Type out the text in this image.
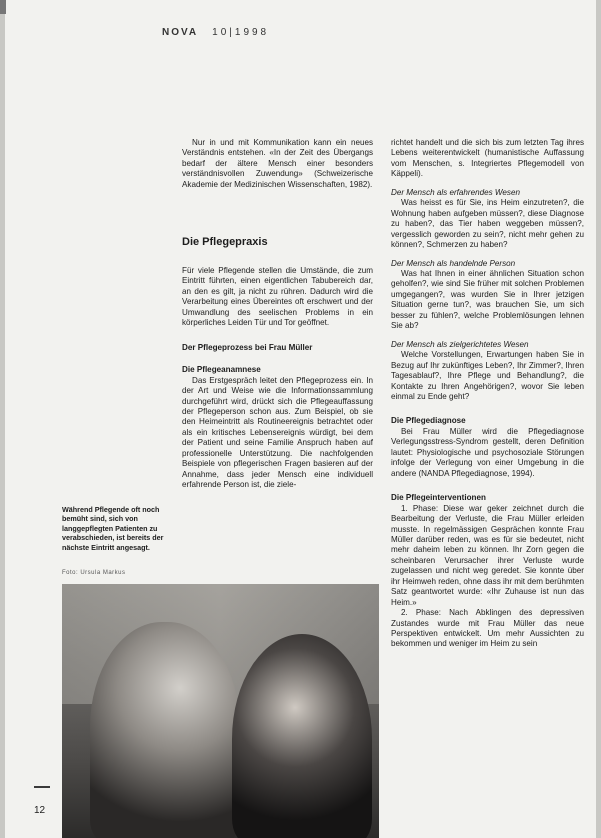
NOVA 10|1998

Nur in und mit Kommunikation kann ein neues Verständnis entstehen. «In der Zeit des Übergangs bedarf der ältere Mensch einer besonders verständnisvollen Zuwendung» (Schweizerische Akademie der Medizinischen Wissenschaften, 1982).

Die Pflegepraxis

Für viele Pflegende stellen die Umstände, die zum Eintritt führten, einen eigentlichen Tabubereich dar, an den es gilt, ja nicht zu rühren. Dadurch wird die Verarbeitung eines Übereintes oft erschwert und der Umwandlung des seelischen Problems in ein körperliches Leiden Tür und Tor geöffnet.

Der Pflegeprozess bei Frau Müller

Die Pflegeanamnese

Das Erstgespräch leitet den Pflegeprozess ein. In der Art und Weise wie die Informationssammlung durchgeführt wird, drückt sich die Pflegeauffassung der Pflegeperson schon aus. Zum Beispiel, ob sie den Heimeintritt als Routineereignis betrachtet oder als ein kritisches Lebensereignis würdigt, bei dem der Patient und seine Familie Anspruch haben auf professionelle Unterstützung. Die nachfolgenden Beispiele von pflegerischen Fragen basieren auf der Annahme, dass jeder Mensch eine individuell erfahrende Person ist, die ziele-

richtet handelt und die sich bis zum letzten Tag ihres Lebens weiterentwickelt (humanistische Auffassung vom Menschen, s. Integriertes Pflegemodell von Käppeli).

Der Mensch als erfahrendes Wesen

Was heisst es für Sie, ins Heim einzutreten?, die Wohnung haben aufgeben müssen?, diese Diagnose zu haben?, das Tier haben weggeben müssen?, vergesslich geworden zu sein?, nicht mehr gehen zu können?, Schmerzen zu haben?

Der Mensch als handelnde Person

Was hat Ihnen in einer ähnlichen Situation schon geholfen?, wie sind Sie früher mit solchen Problemen umgegangen?, was wurden Sie in Ihrer jetzigen Situation gerne tun?, was brauchen Sie, um sich besser zu fühlen?, welche Problemlösungen lehnen Sie ab?

Der Mensch als zielgerichtetes Wesen

Welche Vorstellungen, Erwartungen haben Sie in Bezug auf Ihr zukünftiges Leben?, Ihr Zimmer?, Ihren Tagesablauf?, Ihre Pflege und Behandlung?, die Kontakte zu Ihren Angehörigen?, wovor Sie leben einmal zu Ende geht?

Die Pflegediagnose

Bei Frau Müller wird die Pflegediagnose Verlegungsstress-Syndrom gestellt, deren Definition lautet: Physiologische und psychosoziale Störungen infolge der Verlegung von einer Umgebung in die andere (NANDA Pflegediagnose, 1994).

Die Pflegeinterventionen

1. Phase: Diese war geker zeichnet durch die Bearbeitung der Verluste, die Frau Müller erleiden musste. In regelmässigen Gesprächen konnte Frau Müller darüber reden, was es für sie bedeutet, nicht mehr daheim leben zu können. Ihr Zorn gegen die scheinbaren Verursacher ihrer Verluste wurde zugelassen und nicht weg geredet. Sie konnte über ihr Heimweh reden, ohne dass ihr mit dem berühmten Satz geantwortet wurde: «Ihr Zuhause ist nun das Heim.»

2. Phase: Nach Abklingen des depressiven Zustandes wurde mit Frau Müller das neue Perspektiven entwickelt. Um mehr Aussichten zu bekommen und weniger im Heim zu sein

Während Pflegende oft noch bemüht sind, sich von langgepflegten Patienten zu verabschieden, ist bereits der nächste Eintritt angesagt.

Foto: Ursula Markus

12
